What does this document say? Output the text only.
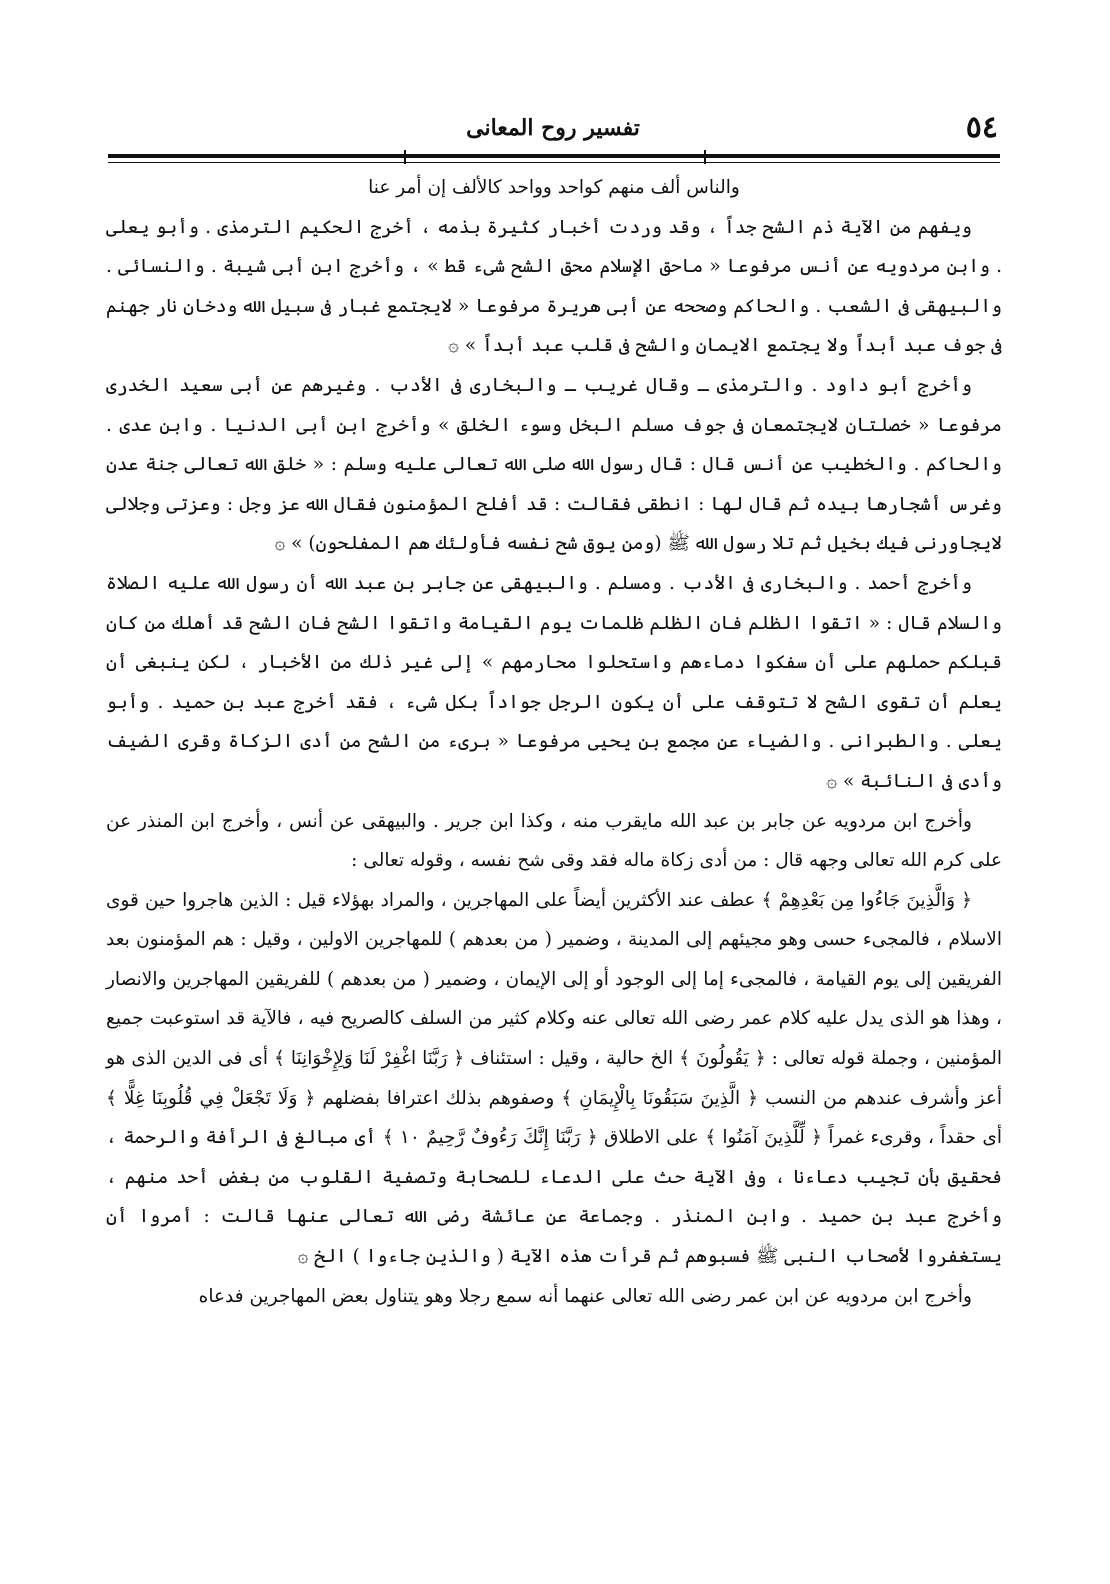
٥٤
تفسير روح المعانى

والناس ألف منهم كواحد وواحد كالألف إن أمر عنا

ويفهم من الآية ذم الشح جداً ، وقد وردت أخبار كثيرة بذمه ، أخرج الحكيم الترمذى . وأبو يعلى . وابن مردويه عن أنس مرفوعا « ماحق الإسلام محق الشح شىء قط » ، وأخرج ابن أبى شيبة . والنسائى . والبيهقى فى الشعب . والحاكم وصححه عن أبى هريرة مرفوعا « لايجتمع غبار فى سبيل الله ودخان نار جهنم فى جوف عبد أبداً ولا يجتمع الايمان والشح فى قلب عبد أبداً » ۞

وأخرج أبو داود . والترمذى ـ وقال غريب ـ والبخارى فى الأدب . وغيرهم عن أبى سعيد الخدرى مرفوعا « خصلتان لايجتمعان فى جوف مسلم البخل وسوء الخلق » وأخرج ابن أبى الدنيا . وابن عدى . والحاكم . والخطيب عن أنس قال : قال رسول الله صلى الله تعالى عليه وسلم : « خلق الله تعالى جنة عدن وغرس أشجارها بيده ثم قال لها : انطقى فقالت : قد أفلح المؤمنون فقال الله عز وجل : وعزتى وجلالى لايجاورنى فيك بخيل ثم تلا رسول الله ﷺ (ومن يوق شح نفسه فأولئك هم المفلحون) » ۞

وأخرج أحمد . والبخارى فى الأدب . ومسلم . والبيهقى عن جابر بن عبد الله أن رسول الله عليه الصلاة والسلام قال : « اتقوا الظلم فان الظلم ظلمات يوم القيامة واتقوا الشح فان الشح قد أهلك من كان قبلكم حملهم على أن سفكوا دماءهم واستحلوا محارمهم » إلى غير ذلك من الأخبار ، لكن ينبغى أن يعلم أن تقوى الشح لا تتوقف على أن يكون الرجل جواداً بكل شىء ، فقد أخرج عبد بن حميد . وأبو يعلى . والطبرانى . والضياء عن مجمع بن يحيى مرفوعا « برىء من الشح من أدى الزكاة وقرى الضيف وأدى فى النائبة » ۞

وأخرج ابن مردويه عن جابر بن عبد الله مايقرب منه ، وكذا ابن جرير . والبيهقى عن أنس ، وأخرج ابن المنذر عن على كرم الله تعالى وجهه قال : من أدى زكاة ماله فقد وقى شح نفسه ، وقوله تعالى :

﴿ وَالَّذِينَ جَاءُوا مِن بَعْدِهِمْ ﴾ عطف عند الأكثرين أيضاً على المهاجرين ، والمراد بهؤلاء قيل : الذين هاجروا حين قوى الاسلام ، فالمجىء حسى وهو مجيئهم إلى المدينة ، وضمير ( من بعدهم ) للمهاجرين الاولين ، وقيل : هم المؤمنون بعد الفريقين إلى يوم القيامة ، فالمجىء إما إلى الوجود أو إلى الإيمان ، وضمير ( من بعدهم ) للفريقين المهاجرين والانصار ، وهذا هو الذى يدل عليه كلام عمر رضى الله تعالى عنه وكلام كثير من السلف كالصريح فيه ، فالآية قد استوعبت جميع المؤمنين ، وجملة قوله تعالى : ﴿ يَقُولُونَ ﴾ الخ حالية ، وقيل : استئناف ﴿ رَبَّنَا اغْفِرْ لَنَا وَلِإِخْوَانِنَا ﴾ أى فى الدين الذى هو أعز وأشرف عندهم من النسب ﴿ الَّذِينَ سَبَقُونَا بِالْإِيمَانِ ﴾ وصفوهم بذلك اعترافا بفضلهم ﴿ وَلَا تَجْعَلْ فِي قُلُوبِنَا غِلًّا ﴾ أى حقداً ، وقرىء غمراً ﴿ لِّلَّذِينَ آمَنُوا ﴾ على الاطلاق ﴿ رَبَّنَا إِنَّكَ رَءُوفٌ رَّحِيمٌ ١٠ ﴾ أى مبالغ فى الرأفة والرحمة ، فحقيق بأن تجيب دعاءنا ، وفى الآية حث على الدعاء للصحابة وتصفية القلوب من بغض أحد منهم ، وأخرج عبد بن حميد . وابن المنذر . وجماعة عن عائشة رضى الله تعالى عنها قالت : أمروا أن يستغفروا لأصحاب النبى ﷺ فسبوهم ثم قرأت هذه الآية ( والذين جاءوا ) الخ ۞

وأخرج ابن مردويه عن ابن عمر رضى الله تعالى عنهما أنه سمع رجلا وهو يتناول بعض المهاجرين فدعاه
